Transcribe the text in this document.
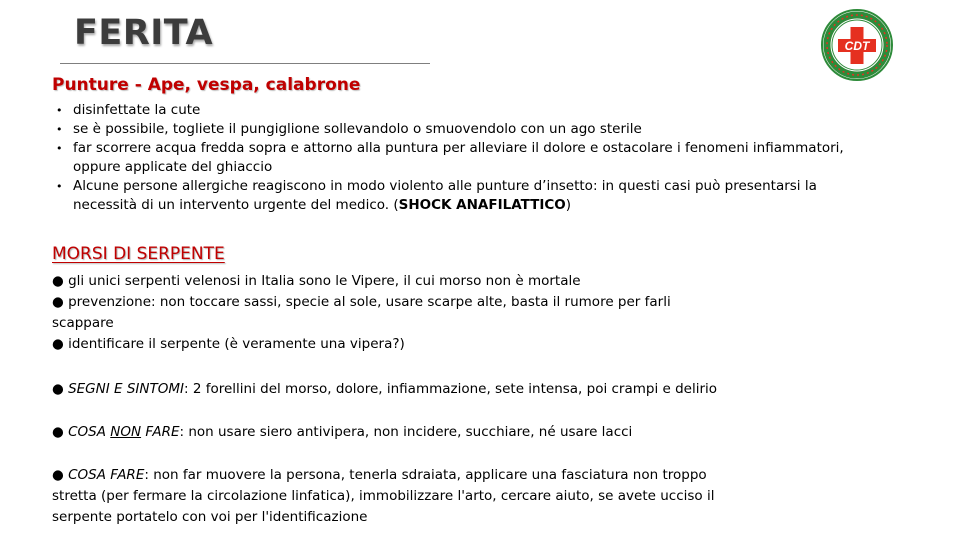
FERITA	CDT
Punture - Ape, vespa, calabrone
• disinfettate la cute
• se è possibile, togliete il pungiglione sollevandolo o smuovendolo con un ago sterile
• far scorrere acqua fredda sopra e attorno alla puntura per alleviare il dolore e ostacolare i fenomeni infiammatori,
oppure applicate del ghiaccio
• Alcune persone allergiche reagiscono in modo violento alle punture d’insetto: in questi casi può presentarsi la
necessità di un intervento urgente del medico. (SHOCK ANAFILATTICO)
MORSI DI SERPENTE

● gli unici serpenti velenosi in Italia sono le Vipere, il cui morso non è mortale
● prevenzione: non toccare sassi, specie al sole, usare scarpe alte, basta il rumore per farli
scappare
● identificare il serpente (è veramente una vipera?)

● SEGNI E SINTOMI: 2 forellini del morso, dolore, infiammazione, sete intensa, poi crampi e delirio

● COSA NON FARE: non usare siero antivipera, non incidere, succhiare, né usare lacci

● COSA FARE: non far muovere la persona, tenerla sdraiata, applicare una fasciatura non troppo
stretta (per fermare la circolazione linfatica), immobilizzare l'arto, cercare aiuto, se avete ucciso il
serpente portatelo con voi per l'identificazione
